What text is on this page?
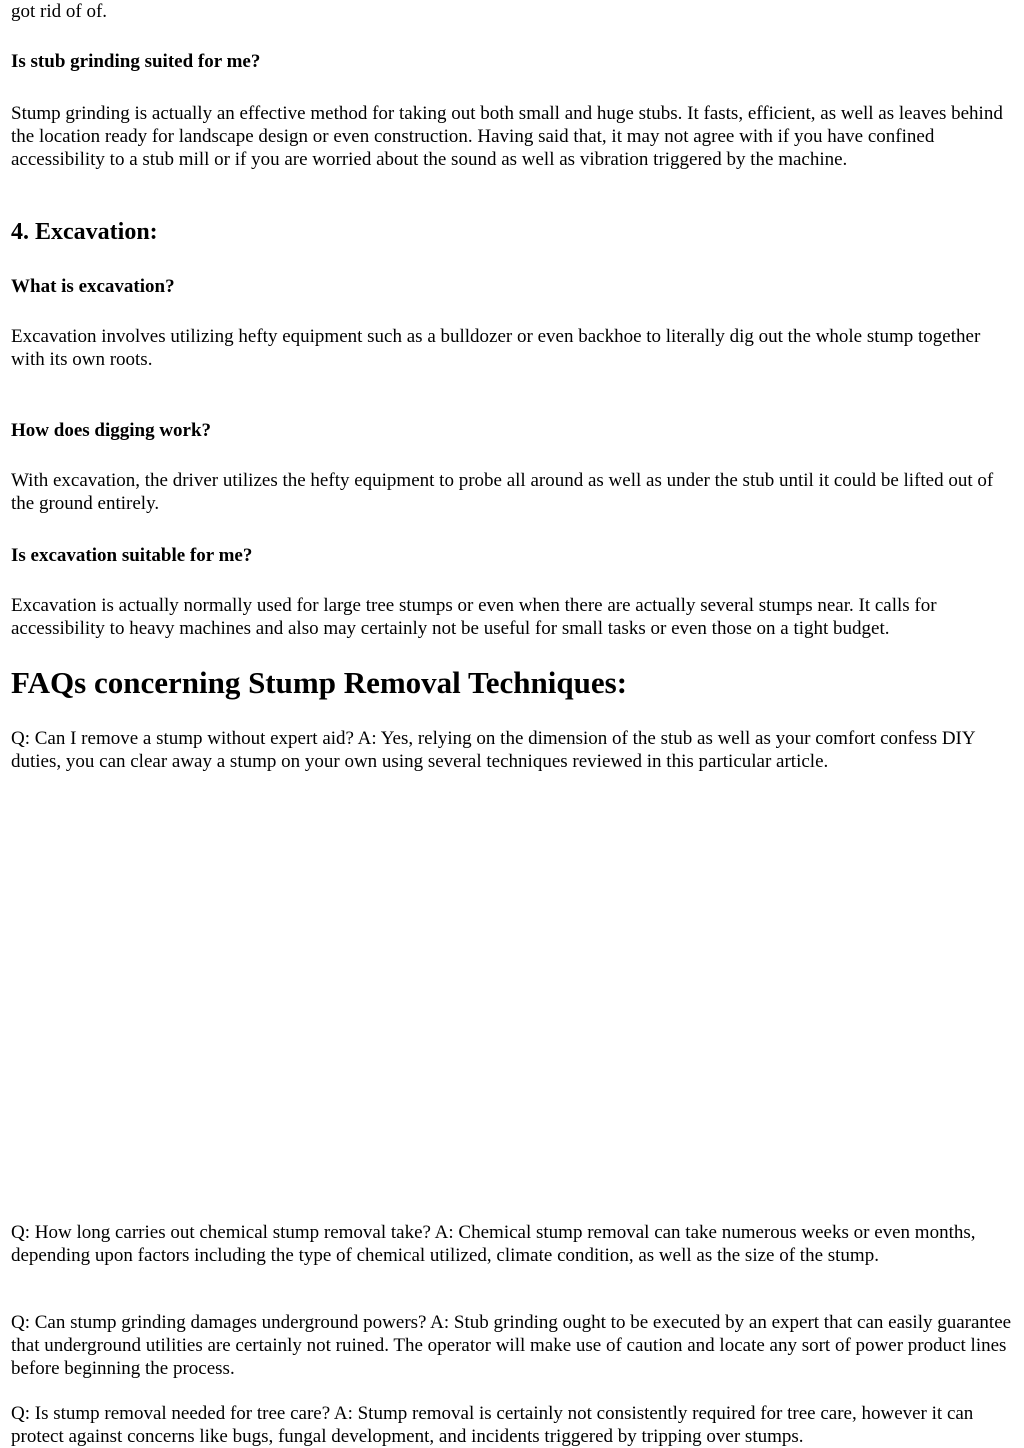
got rid of of.

Is stub grinding suited for me?

Stump grinding is actually an effective method for taking out both small and huge stubs. It fasts, efficient, as well as leaves behind the location ready for landscape design or even construction. Having said that, it may not agree with if you have confined accessibility to a stub mill or if you are worried about the sound as well as vibration triggered by the machine.

4. Excavation:
What is excavation?

Excavation involves utilizing hefty equipment such as a bulldozer or even backhoe to literally dig out the whole stump together with its own roots.

How does digging work?

With excavation, the driver utilizes the hefty equipment to probe all around as well as under the stub until it could be lifted out of the ground entirely.

Is excavation suitable for me?

Excavation is actually normally used for large tree stumps or even when there are actually several stumps near. It calls for accessibility to heavy machines and also may certainly not be useful for small tasks or even those on a tight budget.

FAQs concerning Stump Removal Techniques:

Q: Can I remove a stump without expert aid? A: Yes, relying on the dimension of the stub as well as your comfort confess DIY duties, you can clear away a stump on your own using several techniques reviewed in this particular article.

Q: How long carries out chemical stump removal take? A: Chemical stump removal can take numerous weeks or even months, depending upon factors including the type of chemical utilized, climate condition, as well as the size of the stump.

Q: Can stump grinding damages underground powers? A: Stub grinding ought to be executed by an expert that can easily guarantee that underground utilities are certainly not ruined. The operator will make use of caution and locate any sort of power product lines before beginning the process.

Q: Is stump removal needed for tree care? A: Stump removal is certainly not consistently required for tree care, however it can protect against concerns like bugs, fungal development, and incidents triggered by tripping over stumps.
